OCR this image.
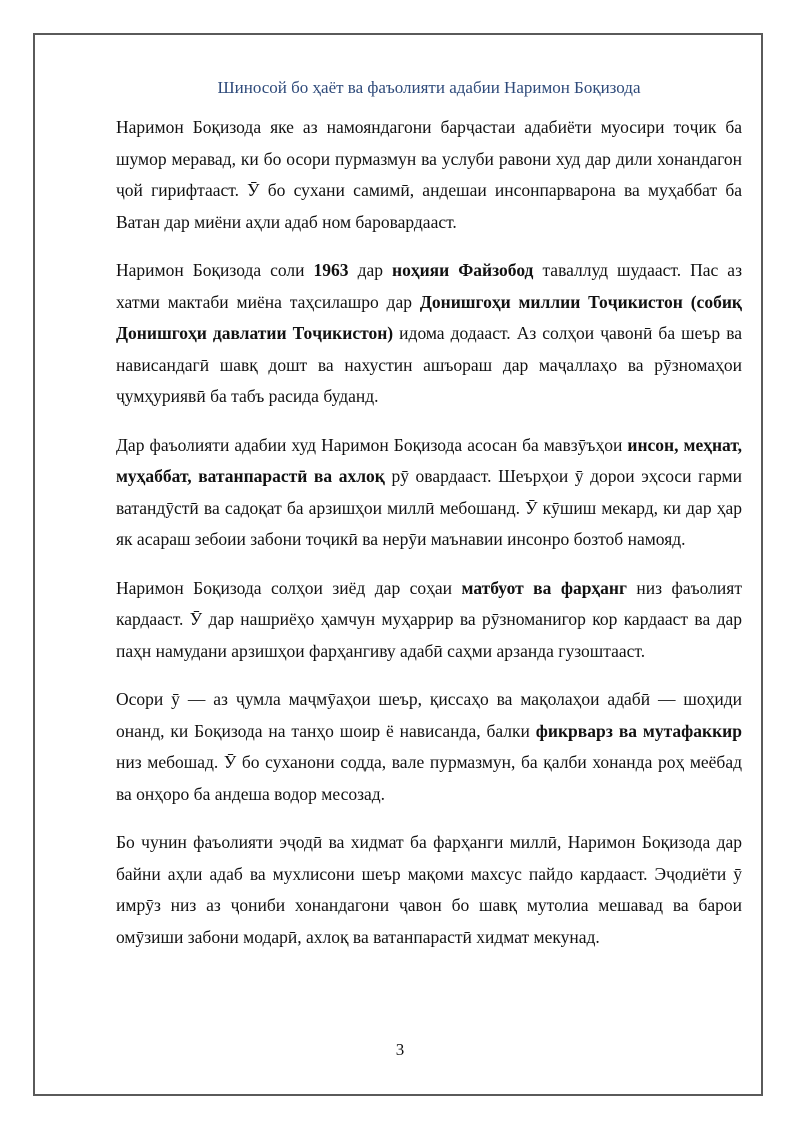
Шиносой бо ҳаёт ва фаъолияти адабии Наримон Боқизода

Наримон Боқизода яке аз намояндагони барҷастаи адабиёти муосири тоҷик ба шумор меравад, ки бо осори пурмазмун ва услуби равони худ дар дили хонандагон ҷой гирифтааст. Ӯ бо сухани самимӣ, андешаи инсонпарварона ва муҳаббат ба Ватан дар миёни аҳли адаб ном баровардааст.

Наримон Боқизода соли 1963 дар ноҳияи Файзобод таваллуд шудааст. Пас аз хатми мактаби миёна таҳсилашро дар Донишгоҳи миллии Тоҷикистон (собиқ Донишгоҳи давлатии Тоҷикистон) идома додааст. Аз солҳои ҷавонӣ ба шеър ва нависандагӣ шавқ дошт ва нахустин ашъораш дар маҷаллаҳо ва рӯзномаҳои ҷумҳуриявӣ ба табъ расида буданд.

Дар фаъолияти адабии худ Наримон Боқизода асосан ба мавзӯъҳои инсон, меҳнат, муҳаббат, ватанпарастӣ ва ахлоқ рӯ овардааст. Шеърҳои ӯ дорои эҳсоси гарми ватандӯстӣ ва садоқат ба арзишҳои миллӣ мебошанд. Ӯ кӯшиш мекард, ки дар ҳар як асараш зебоии забони тоҷикӣ ва нерӯи маънавии инсонро бозтоб намояд.

Наримон Боқизода солҳои зиёд дар соҳаи матбуот ва фарҳанг низ фаъолият кардааст. Ӯ дар нашриёҳо ҳамчун муҳаррир ва рӯзноманигор кор кардааст ва дар паҳн намудани арзишҳои фарҳангиву адабӣ саҳми арзанда гузоштааст.

Осори ӯ — аз ҷумла маҷмӯаҳои шеър, қиссаҳо ва мақолаҳои адабӣ — шоҳиди онанд, ки Боқизода на танҳо шоир ё нависанда, балки фикрварз ва мутафаккир низ мебошад. Ӯ бо суханони содда, вале пурмазмун, ба қалби хонанда роҳ меёбад ва онҳоро ба андеша водор месозад.

Бо чунин фаъолияти эҷодӣ ва хидмат ба фарҳанги миллӣ, Наримон Боқизода дар байни аҳли адаб ва мухлисони шеър мақоми махсус пайдо кардааст. Эҷодиёти ӯ имрӯз низ аз ҷониби хонандагони ҷавон бо шавқ мутолиа мешавад ва барои омӯзиши забони модарӣ, ахлоқ ва ватанпарастӣ хидмат мекунад.

3
